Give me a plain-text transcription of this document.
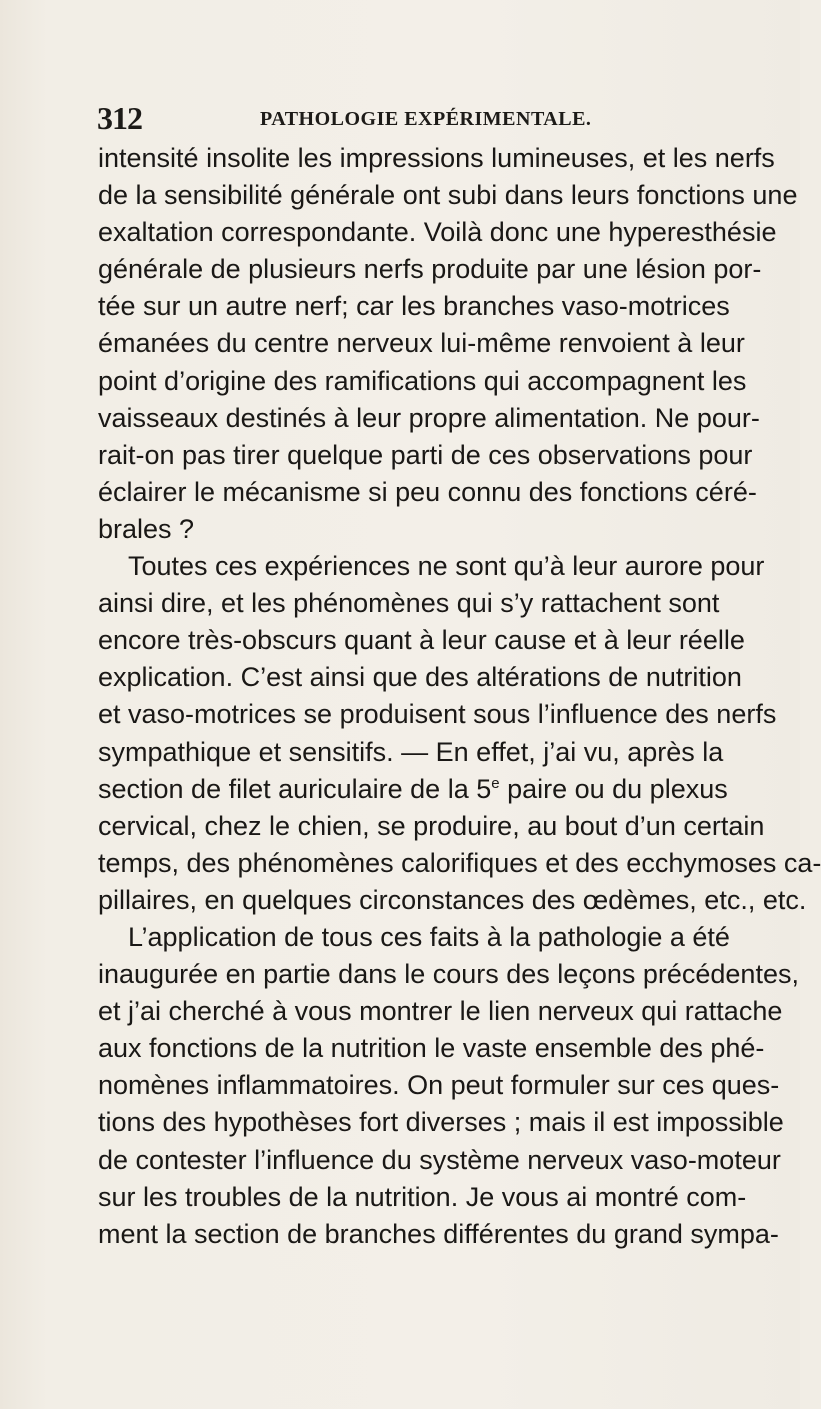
312	PATHOLOGIE EXPÉRIMENTALE.
intensité insolite les impressions lumineuses, et les nerfs
de la sensibilité générale ont subi dans leurs fonctions une
exaltation correspondante. Voilà donc une hyperesthésie
générale de plusieurs nerfs produite par une lésion por-
tée sur un autre nerf; car les branches vaso-motrices
émanées du centre nerveux lui-même renvoient à leur
point d’origine des ramifications qui accompagnent les
vaisseaux destinés à leur propre alimentation. Ne pour-
rait-on pas tirer quelque parti de ces observations pour
éclairer le mécanisme si peu connu des fonctions céré-
brales ?
Toutes ces expériences ne sont qu’à leur aurore pour
ainsi dire, et les phénomènes qui s’y rattachent sont
encore très-obscurs quant à leur cause et à leur réelle
explication. C’est ainsi que des altérations de nutrition
et vaso-motrices se produisent sous l’influence des nerfs
sympathique et sensitifs. — En effet, j’ai vu, après la
section de filet auriculaire de la 5e paire ou du plexus
cervical, chez le chien, se produire, au bout d’un certain
temps, des phénomènes calorifiques et des ecchymoses ca-
pillaires, en quelques circonstances des œdèmes, etc., etc.
L’application de tous ces faits à la pathologie a été
inaugurée en partie dans le cours des leçons précédentes,
et j’ai cherché à vous montrer le lien nerveux qui rattache
aux fonctions de la nutrition le vaste ensemble des phé-
nomènes inflammatoires. On peut formuler sur ces ques-
tions des hypothèses fort diverses ; mais il est impossible
de contester l’influence du système nerveux vaso-moteur
sur les troubles de la nutrition. Je vous ai montré com-
ment la section de branches différentes du grand sympa-
